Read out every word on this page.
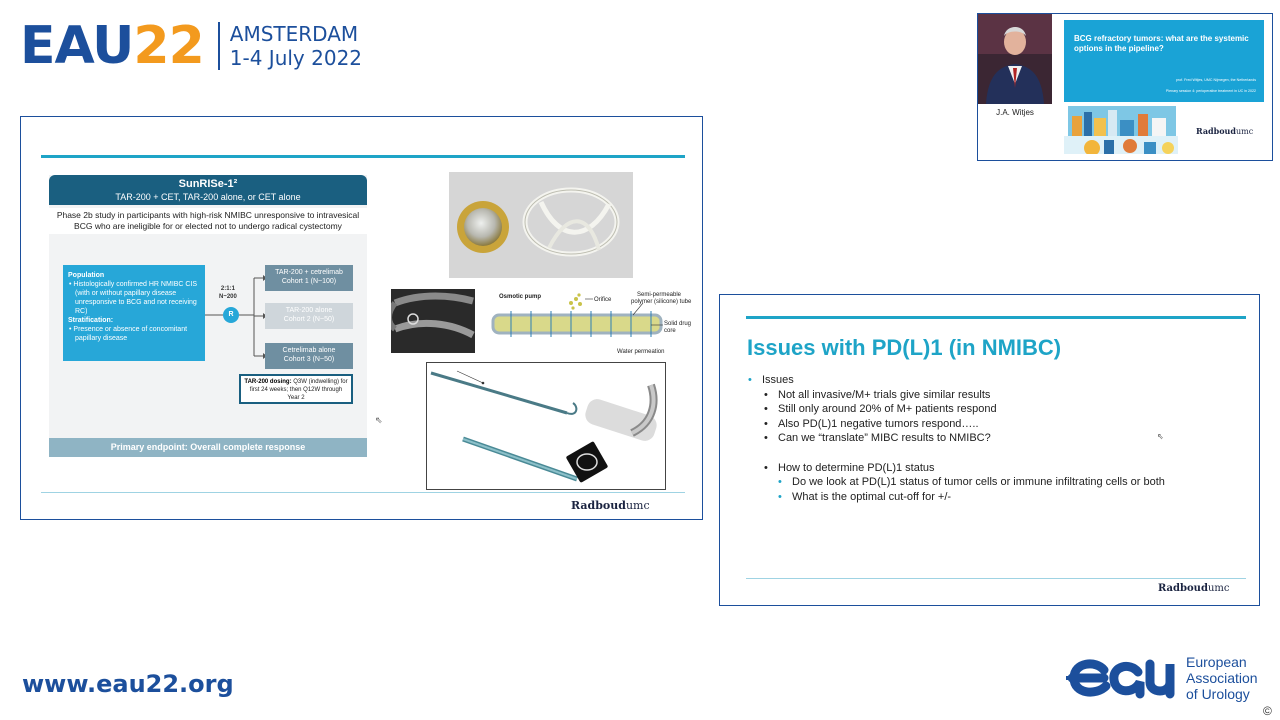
EAU 22 AMSTERDAM
1-4 July 2022
SunRISe-1²
TAR-200 + CET, TAR-200 alone, or CET alone
Phase 2b study in participants with high-risk NMIBC unresponsive to intravesical BCG who are ineligible for or elected not to undergo radical cystectomy
Population
• Histologically confirmed HR NMIBC CIS (with or without papillary disease unresponsive to BCG and not receiving RC)
Stratification:
• Presence or absence of concomitant papillary disease
2:1:1
N~200
R
TAR-200 + cetrelimab
Cohort 1 (N~100)
TAR-200 alone
Cohort 2 (N~50)
Cetrelimab alone
Cohort 3 (N~50)
TAR-200 dosing: Q3W (indwelling) for first 24 weeks; then Q12W through Year 2
Primary endpoint: Overall complete response
Osmotic pump	Orifice
Semi-permeable
polymer (silicone) tube
Solid drug
core
Water permeation
Radboudumc
⇖
J.A. Witjes
BCG refractory tumors: what are the systemic options in the pipeline?
prof. Fred Witjes, UMC Nijmegen, the Netherlands
Plenary session 4: perioperative treatment in UC in 2022
Radboudumc
Issues with PD(L)1 (in NMIBC)
• Issues
• Not all invasive/M+ trials give similar results
• Still only around 20% of M+ patients respond
• Also PD(L)1 negative tumors respond…..
• Can we “translate” MIBC results to NMIBC?
• How to determine PD(L)1 status
• Do we look at PD(L)1 status of tumor cells or immune infiltrating cells or both
• What is the optimal cut-off for +/-
⇖
Radboudumc
www.eau22.org
European
Association
of Urology
©
